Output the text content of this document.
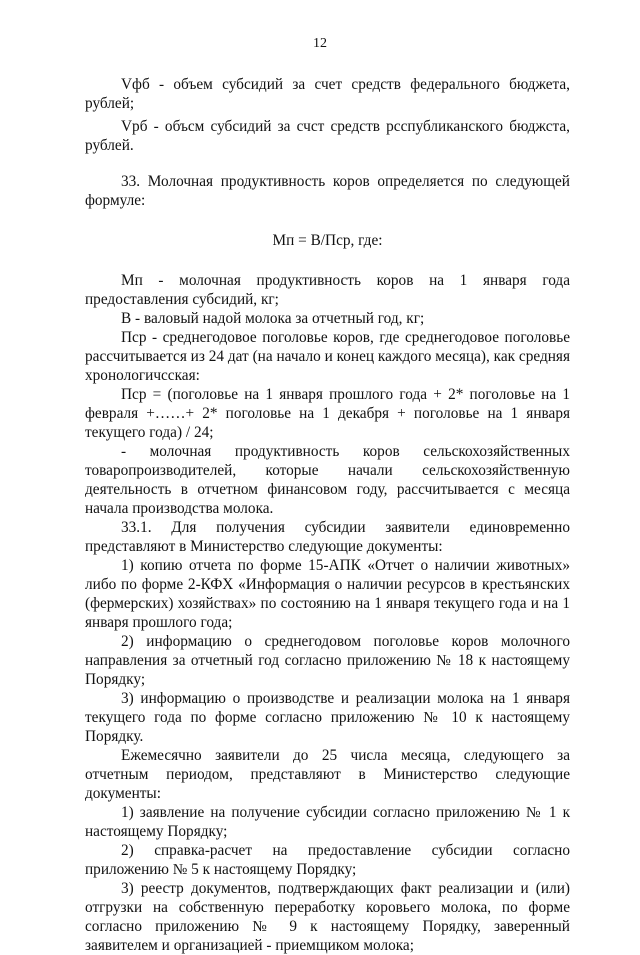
12

Vфб - объем субсидий за счет средств федерального бюджета, рублей;

Vрб - объсм субсидий за счст средств рсспубликанского бюджста, рублей.

33. Молочная продуктивность коров определяется по следующей формуле:

Мп = В/Пср, где:

Мп - молочная продуктивность коров на 1 января года предоставления субсидий, кг;

В - валовый надой молока за отчетный год, кг;

Пср - среднегодовое поголовье коров, где среднегодовое поголовье рассчитывается из 24 дат (на начало и конец каждого месяца), как средняя хронологичсская:

Пср = (поголовье на 1 января прошлого года + 2* поголовье на 1 февраля +……+ 2* поголовье на 1 декабря + поголовье на 1 января текущего года) / 24;

- молочная продуктивность коров сельскохозяйственных товаропроизводителей, которые начали сельскохозяйственную деятельность в отчетном финансовом году, рассчитывается с месяца начала производства молока.

33.1. Для получения субсидии заявители единовременно представляют в Министерство следующие документы:

1) копию отчета по форме 15-АПК «Отчет о наличии животных» либо по форме 2-КФХ «Информация о наличии ресурсов в крестьянских (фермерских) хозяйствах» по состоянию на 1 января текущего года и на 1 января прошлого года;

2) информацию о среднегодовом поголовье коров молочного направления за отчетный год согласно приложению № 18 к настоящему Порядку;

3) информацию о производстве и реализации молока на 1 января текущего года по форме согласно приложению № 10 к настоящему Порядку.

Ежемесячно заявители до 25 числа месяца, следующего за отчетным периодом, представляют в Министерство следующие документы:

1) заявление на получение субсидии согласно приложению № 1 к настоящему Порядку;

2) справка-расчет на предоставление субсидии согласно приложению № 5 к настоящему Порядку;

3) реестр документов, подтверждающих факт реализации и (или) отгрузки на собственную переработку коровьего молока, по форме согласно приложению № 9 к настоящему Порядку, заверенный заявителем и организацией - приемщиком молока;
